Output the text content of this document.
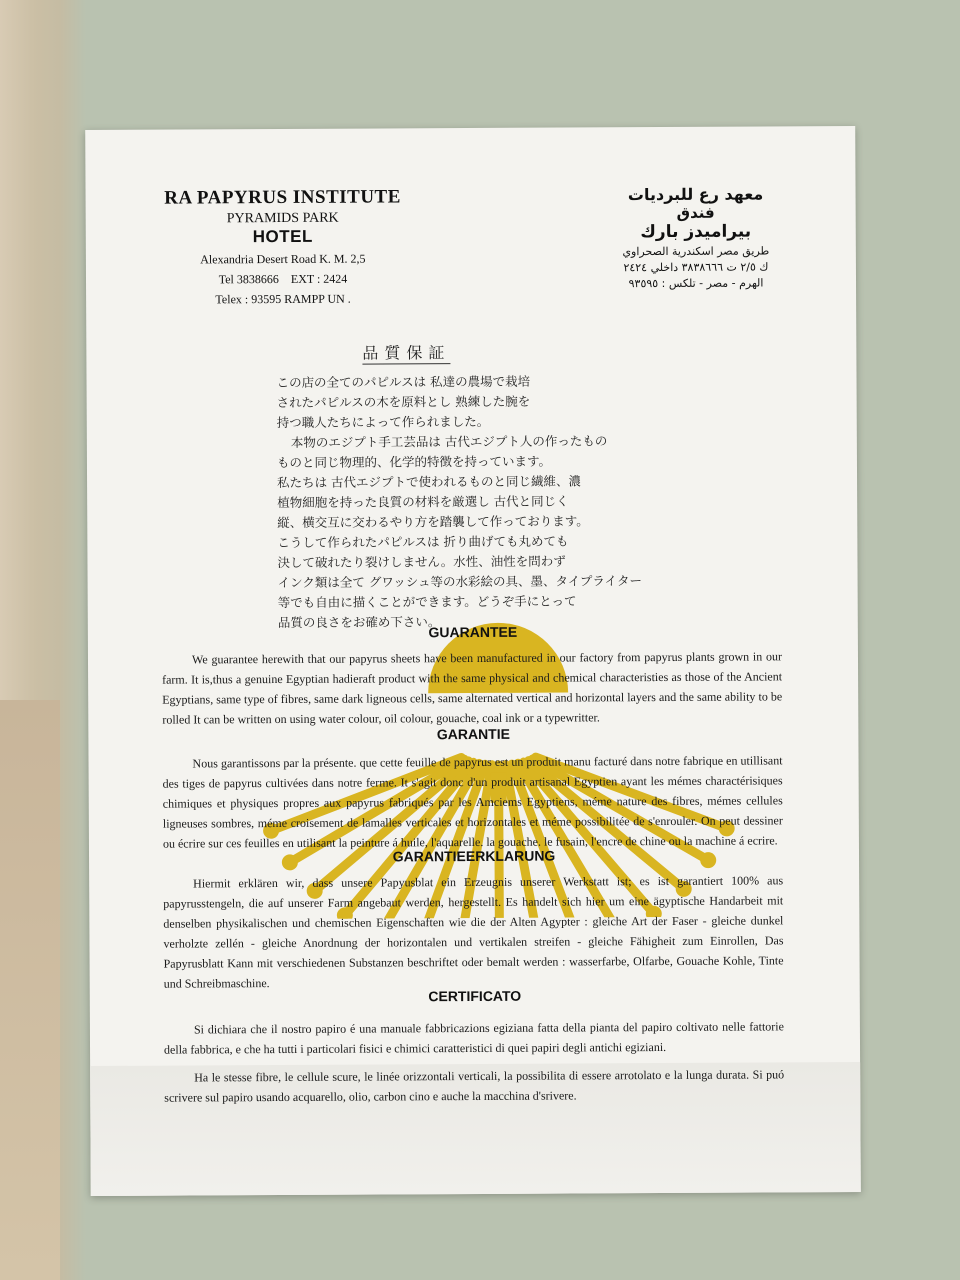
RA PAPYRUS INSTITUTE
PYRAMIDS PARK
HOTEL
Alexandria Desert Road K. M. 2,5
Tel 3838666    EXT : 2424
Telex : 93595 RAMPP UN .
معهد رع للبرديات
فندق
بيراميدز بارك
طريق مصر اسكندرية الصحراوي
ك ٢/٥ ت ٣٨٣٨٦٦٦ داخلي ٢٤٢٤
الهرم - مصر - تلكس : ٩٣٥٩٥
品質保証
この店の全てのパピルスは 私達の農場で栽培
されたパピルスの木を原料とし 熟練した腕を
持つ職人たちによって作られました。
本物のエジプト手工芸品は 古代エジプト人の作ったもの
ものと同じ物理的、化学的特徴を持っています。
私たちは 古代エジプトで使われるものと同じ繊維、濃
植物細胞を持った良質の材料を厳選し 古代と同じく
縦、横交互に交わるやり方を踏襲して作っております。
こうして作られたパピルスは 折り曲げても丸めても
決して破れたり裂けしません。水性、油性を問わず
インク類は全て グワッシュ等の水彩絵の具、墨、タイプライター
等でも自由に描くことができます。どうぞ手にとって
品質の良さをお確め下さい。
GUARANTEE
We guarantee herewith that our papyrus sheets have been manufactured in our factory from papyrus plants grown in our farm. It is,thus a genuine Egyptian hadieraft product with the same physical and chemical characteristies as those of the Ancient Egyptians, same type of fibres, same dark ligneous cells, same alternated vertical and horizontal layers and the same ability to be rolled It can be written on using water colour, oil colour, gouache, coal ink or a typewritter.
GARANTIE
Nous garantissons par la présente. que cette feuille de papyrus est un produit manu facturé dans notre fabrique en utillisant des tiges de papyrus cultivées dans notre ferme. It s'agit donc d'un produit artisanal Egyptien ayant les mémes charactérisiques chimiques et physiques propres aux papyrus fabriqués par les Amciems Egyptiens, méme nature des fibres, mémes cellules ligneuses sombres, méme croisement de lamalles verticales et horizontales et méme possibilitée de s'enrouler. On peut dessiner ou écrire sur ces feuilles en utilisant la peinture á huile, l'aquarelle. la gouache. le fusain, l'encre de chine ou la machine á ecrire.
GARANTIEERKLARUNG
Hiermit erklären wir, dass unsere Papyusblat ein Erzeugnis unserer Werkstatt ist; es ist garantiert 100% aus papyrusstengeln, die auf unserer Farm angebaut werden, hergestellt. Es handelt sich hier um eine ägyptische Handarbeit mit denselben physikalischen und chemischen Eigenschaften wie die der Alten Agypter : gleiche Art der Faser - gleiche dunkel verholzte zellén - gleiche Anordnung der horizontalen und vertikalen streifen - gleiche Fähigheit zum Einrollen, Das Papyrusblatt Kann mit verschiedenen Substanzen beschriftet oder bemalt werden : wasserfarbe, Olfarbe, Gouache Kohle, Tinte und Schreibmaschine.
CERTIFICATO
Si dichiara che il nostro papiro é una manuale fabbricazions egiziana fatta della pianta del papiro coltivato nelle fattorie della fabbrica, e che ha tutti i particolari fisici e chimici caratteristici di quei papiri degli antichi egiziani.
Ha le stesse fibre, le cellule scure, le linée orizzontali verticali, la possibilita di essere arrotolato e la lunga durata. Si puó scrivere sul papiro usando acquarello, olio, carbon cino e auche la macchina d'srivere.
